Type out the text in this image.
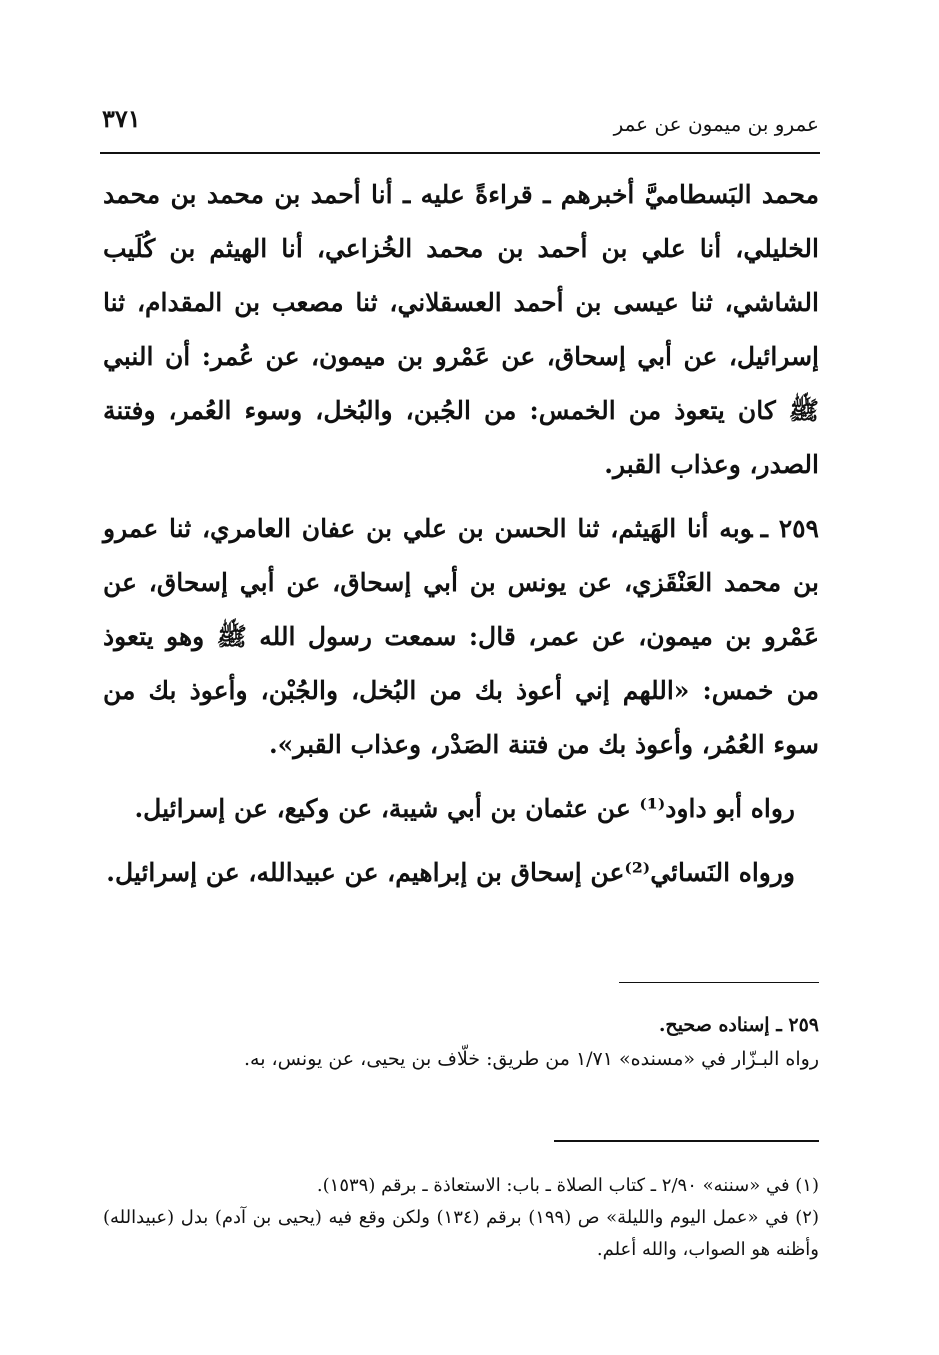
عمرو بن ميمون عن عمر
٣٧١

محمد البَسطاميَّ أخبرهم ـ قراءةً عليه ـ أنا أحمد بن محمد بن محمد الخليلي، أنا علي بن أحمد بن محمد الخُزاعي، أنا الهيثم بن كُلَيب الشاشي، ثنا عيسى بن أحمد العسقلاني، ثنا مصعب بن المقدام، ثنا إسرائيل، عن أبي إسحاق، عن عَمْرو بن ميمون، عن عُمر: أن النبي ﷺ كان يتعوذ من الخمس: من الجُبن، والبُخل، وسوء العُمر، وفتنة الصدر، وعذاب القبر.

٢٥٩ ـوبه أنا الهَيثم، ثنا الحسن بن علي بن عفان العامري، ثنا عمرو بن محمد العَنْقَزي، عن يونس بن أبي إسحاق، عن أبي إسحاق، عن عَمْرو بن ميمون، عن عمر، قال: سمعت رسول الله ﷺ وهو يتعوذ من خمس: «اللهم إني أعوذ بك من البُخل، والجُبْن، وأعوذ بك من سوء العُمُر، وأعوذ بك من فتنة الصَدْر، وعذاب القبر».

رواه أبو داود⁽¹⁾ عن عثمان بن أبي شيبة، عن وكيع، عن إسرائيل.

ورواه النَسائي⁽²⁾عن إسحاق بن إبراهيم، عن عبيدالله، عن إسرائيل.

٢٥٩ ـ إسناده صحيح.

رواه البـزّار في «مسنده» ١/٧١ من طريق: خلّاف بن يحيى، عن يونس، به.

(١) في «سننه» ٢/٩٠ ـ كتاب الصلاة ـ باب: الاستعاذة ـ برقم (١٥٣٩).

(٢) في «عمل اليوم والليلة» ص (١٩٩) برقم (١٣٤) ولكن وقع فيه (يحيى بن آدم) بدل (عبيدالله) وأظنه هو الصواب، والله أعلم.
